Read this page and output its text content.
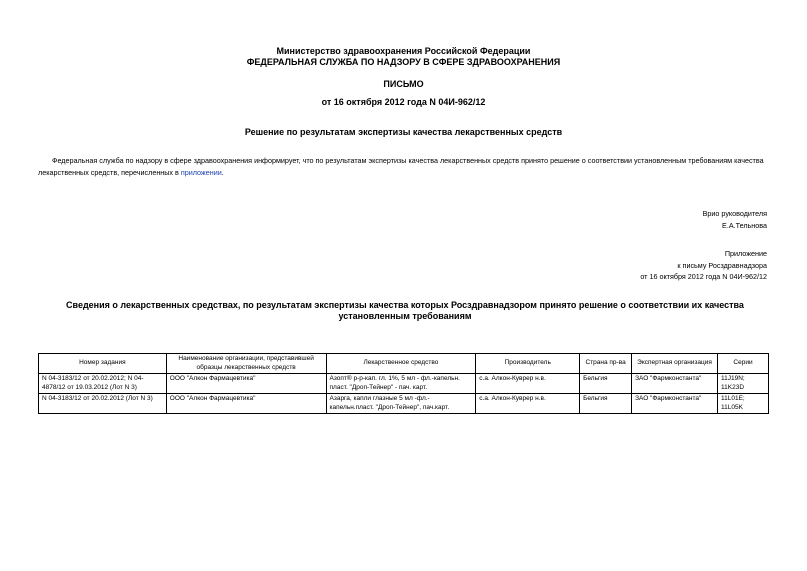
Министерство здравоохранения Российской Федерации
ФЕДЕРАЛЬНАЯ СЛУЖБА ПО НАДЗОРУ В СФЕРЕ ЗДРАВООХРАНЕНИЯ
ПИСЬМО
от 16 октября 2012 года N 04И-962/12
Решение по результатам экспертизы качества лекарственных средств
Федеральная служба по надзору в сфере здравоохранения информирует, что по результатам экспертизы качества лекарственных средств принято решение о соответствии установленным требованиям качества лекарственных средств, перечисленных в приложении.
Врио руководителя
Е.А.Тельнова
Приложение
к письму Росздравнадзора
от 16 октября 2012 года N 04И-962/12
Сведения о лекарственных средствах, по результатам экспертизы качества которых Росздравнадзором принято решение о соответствии их качества установленным требованиям
Номер задания	Наименование организации, представившей образцы лекарственных средств	Лекарственное средство	Производитель	Страна пр-ва	Экспертная организация	Серии
N 04-3183/12 от 20.02.2012; N 04-4878/12 от 19.03.2012 (Лот N 3)	ООО "Алкон Фармацевтика"	Азопт® р-р-кап. гл. 1%, 5 мл - фл.-капельн. пласт. "Дроп-Тейнер" - пач. карт.	с.а. Алкон-Куврер н.в.	Бельгия	ЗАО "Фармконстанта"	11J19N; 11K23D
N 04-3183/12 от 20.02.2012 (Лот N 3)	ООО "Алкон Фармацевтика"	Азарга, капли глазные 5 мл -фл.-капельн.пласт. "Дроп-Тейнер", пач.карт.	с.а. Алкон-Куврер н.в.	Бельгия	ЗАО "Фармконстанта"	11L01E; 11L05K
